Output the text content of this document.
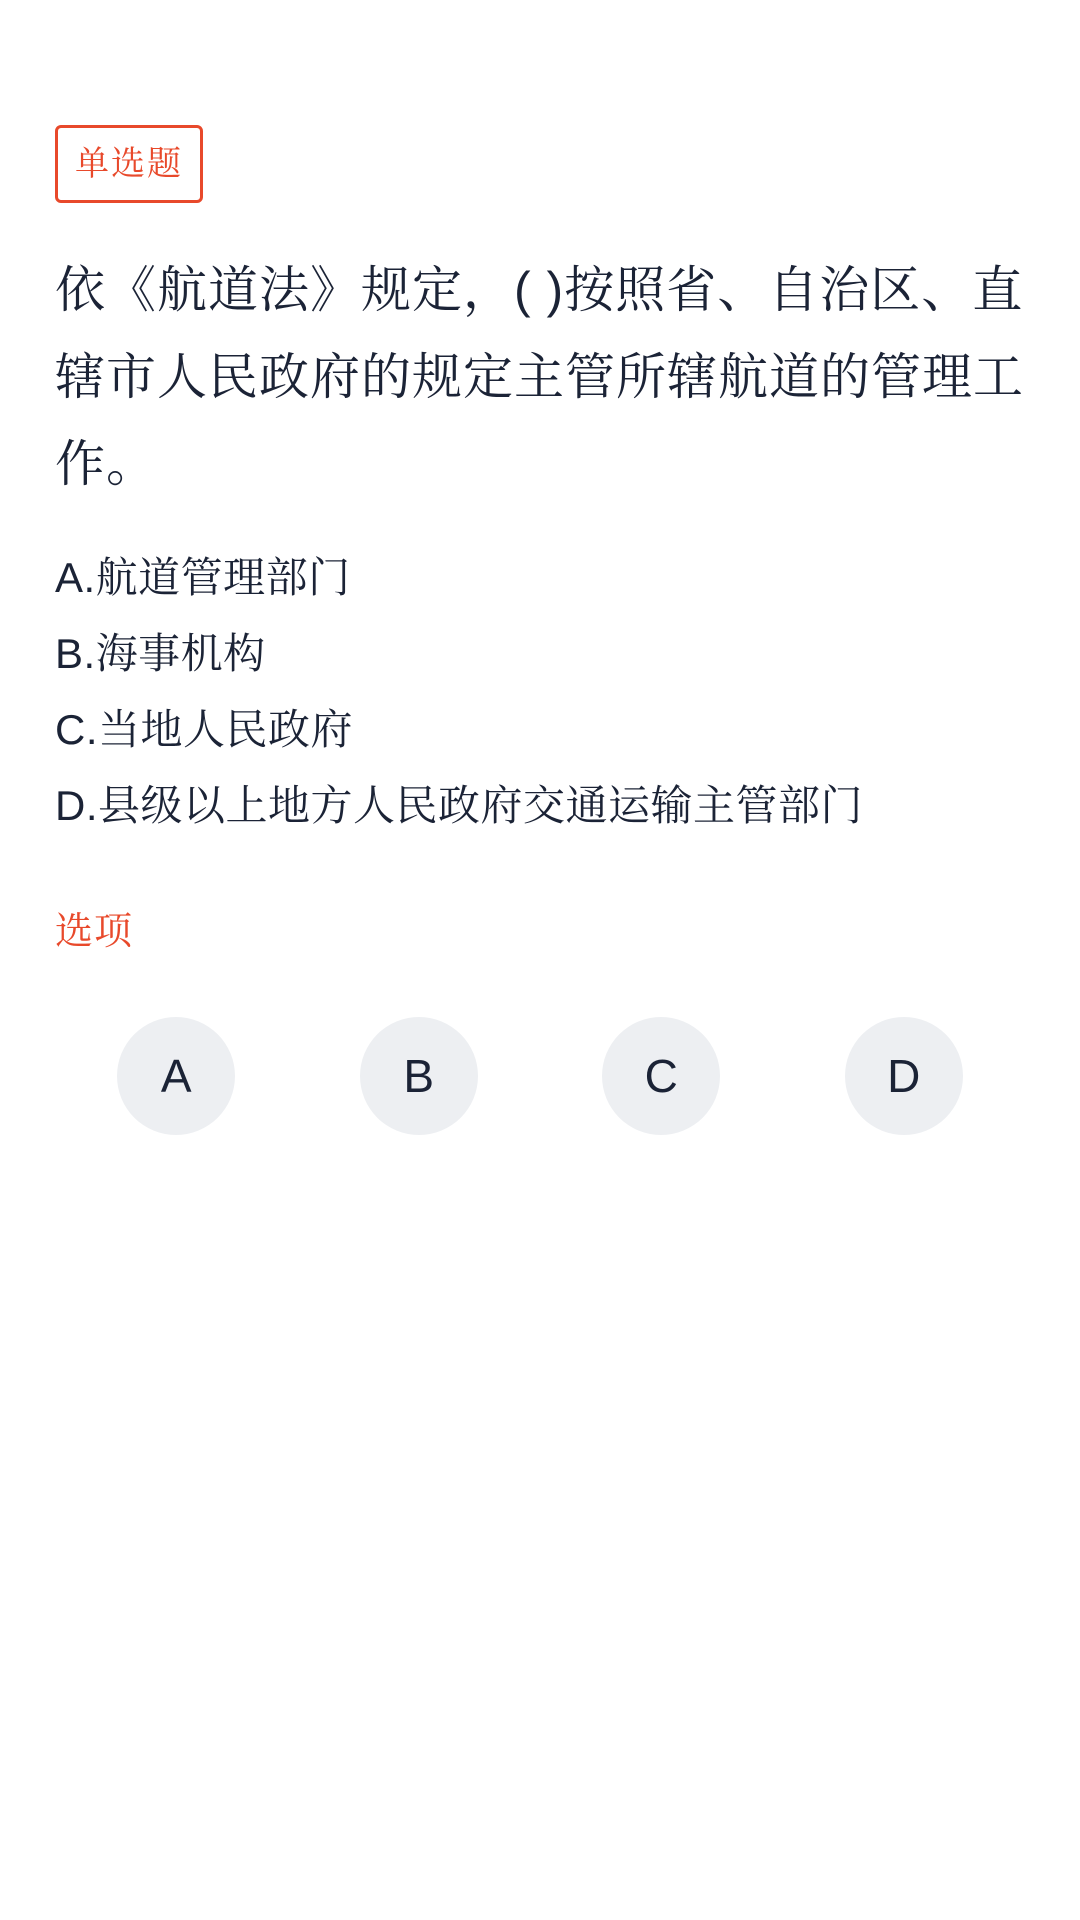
单选题
依《航道法》规定，( )按照省、自治区、直辖市人民政府的规定主管所辖航道的管理工作。
A.航道管理部门
B.海事机构
C.当地人民政府
D.县级以上地方人民政府交通运输主管部门
选项
A	B	C	D
